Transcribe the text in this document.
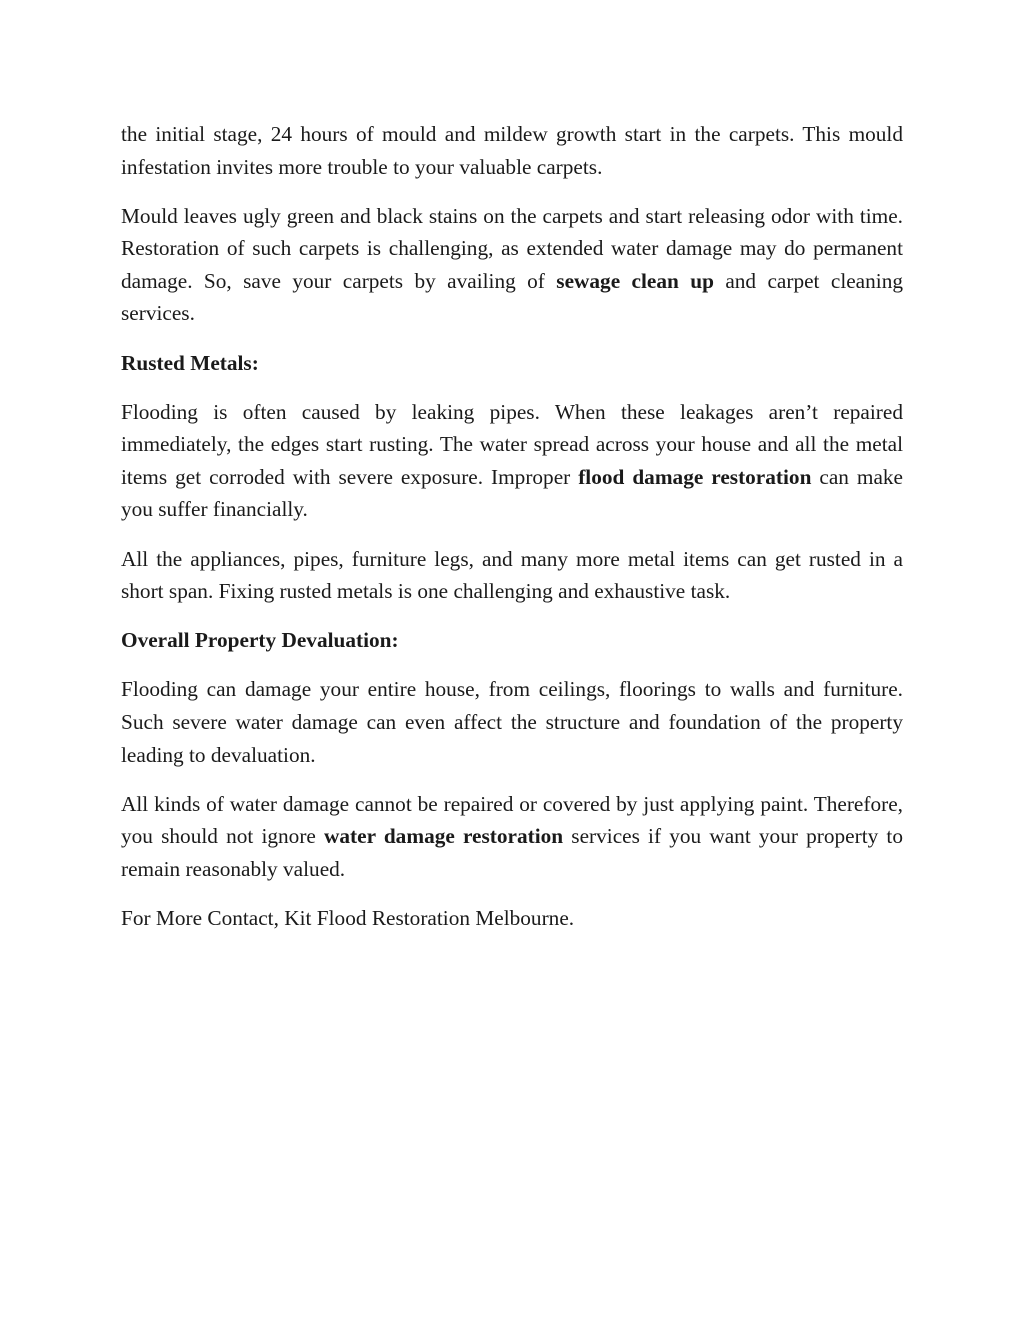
the initial stage, 24 hours of mould and mildew growth start in the carpets. This mould infestation invites more trouble to your valuable carpets.

Mould leaves ugly green and black stains on the carpets and start releasing odor with time. Restoration of such carpets is challenging, as extended water damage may do permanent damage. So, save your carpets by availing of sewage clean up and carpet cleaning services.

Rusted Metals:

Flooding is often caused by leaking pipes. When these leakages aren’t repaired immediately, the edges start rusting. The water spread across your house and all the metal items get corroded with severe exposure. Improper flood damage restoration can make you suffer financially.

All the appliances, pipes, furniture legs, and many more metal items can get rusted in a short span. Fixing rusted metals is one challenging and exhaustive task.

Overall Property Devaluation:

Flooding can damage your entire house, from ceilings, floorings to walls and furniture. Such severe water damage can even affect the structure and foundation of the property leading to devaluation.

All kinds of water damage cannot be repaired or covered by just applying paint. Therefore, you should not ignore water damage restoration services if you want your property to remain reasonably valued.

For More Contact, Kit Flood Restoration Melbourne.
